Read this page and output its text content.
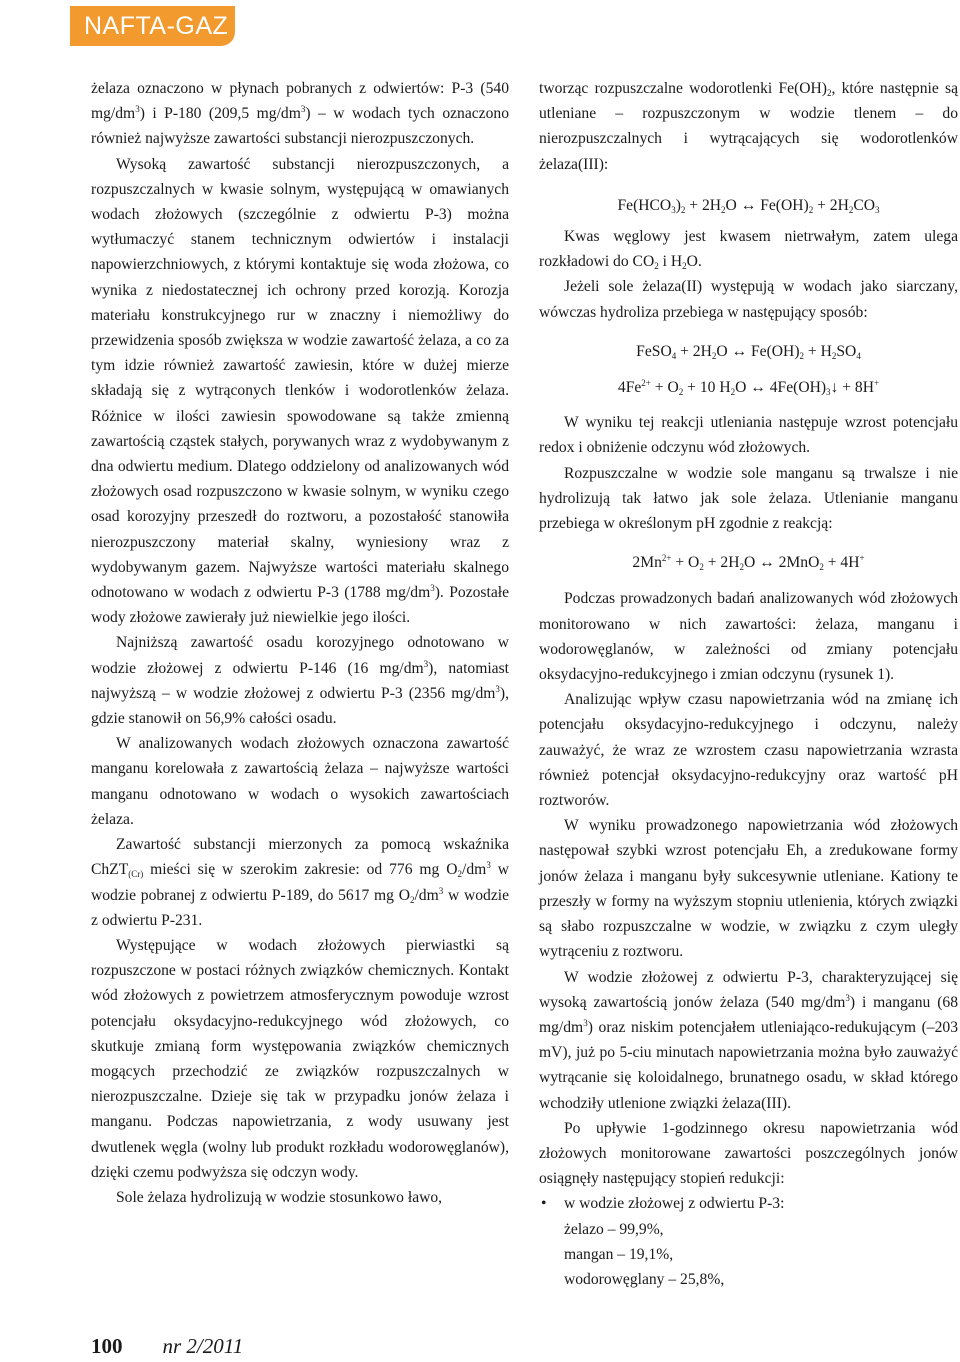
NAFTA-GAZ

żelaza oznaczono w płynach pobranych z odwiertów: P-3 (540 $mg/dm^3$) i P-180 (209,5 $mg/dm^3$) – w wodach tych oznaczono również najwyższe zawartości substancji nierozpuszczonych.

Wysoką zawartość substancji nierozpuszczonych, a rozpuszczalnych w kwasie solnym, występującą w omawianych wodach złożowych (szczególnie z odwiertu P-3) można wytłumaczyć stanem technicznym odwiertów i instalacji napowierzchniowych, z którymi kontaktuje się woda złożowa, co wynika z niedostatecznej ich ochrony przed korozją. Korozja materiału konstrukcyjnego rur w znaczny i niemożliwy do przewidzenia sposób zwiększa w wodzie zawartość żelaza, a co za tym idzie również zawartość zawiesin, które w dużej mierze składają się z wytrąconych tlenków i wodorotlenków żelaza. Różnice w ilości zawiesin spowodowane są także zmienną zawartością cząstek stałych, porywanych wraz z wydobywanym z dna odwiertu medium. Dlatego oddzielony od analizowanych wód złożowych osad rozpuszczono w kwasie solnym, w wyniku czego osad korozyjny przeszedł do roztworu, a pozostałość stanowiła nierozpuszczony materiał skalny, wyniesiony wraz z wydobywanym gazem. Najwyższe wartości materiału skalnego odnotowano w wodach z odwiertu P-3 (1788 $mg/dm^3$). Pozostałe wody złożowe zawierały już niewielkie jego ilości.

Najniższą zawartość osadu korozyjnego odnotowano w wodzie złożowej z odwiertu P-146 (16 $mg/dm^3$), natomiast najwyższą – w wodzie złożowej z odwiertu P-3 (2356 $mg/dm^3$), gdzie stanowił on 56,9% całości osadu.

W analizowanych wodach złożowych oznaczona zawartość manganu korelowała z zawartością żelaza – najwyższe wartości manganu odnotowano w wodach o wysokich zawartościach żelaza.

Zawartość substancji mierzonych za pomocą wskaźnika ChZT$_{(Cr)}$ mieści się w szerokim zakresie: od 776 mg $O_2/dm^3$ w wodzie pobranej z odwiertu P-189, do 5617 mg $O_2/dm^3$ w wodzie z odwiertu P-231.

Występujące w wodach złożowych pierwiastki są rozpuszczone w postaci różnych związków chemicznych. Kontakt wód złożowych z powietrzem atmosferycznym powoduje wzrost potencjału oksydacyjno-redukcyjnego wód złożowych, co skutkuje zmianą form występowania związków chemicznych mogących przechodzić ze związków rozpuszczalnych w nierozpuszczalne. Dzieje się tak w przypadku jonów żelaza i manganu. Podczas napowietrzania, z wody usuwany jest dwutlenek węgla (wolny lub produkt rozkładu wodorowęglanów), dzięki czemu podwyższa się odczyn wody.

Sole żelaza hydrolizują w wodzie stosunkowo ławo,

tworząc rozpuszczalne wodorotlenki $Fe(OH)_2$, które następnie są utleniane – rozpuszczonym w wodzie tlenem – do nierozpuszczalnych i wytrącających się wodorotlenków żelaza(III):

$Fe(HCO_3)_2 + 2H_2O$ ↔ $Fe(OH)_2 + 2H_2CO_3$

Kwas węglowy jest kwasem nietrwałym, zatem ulega rozkładowi do $CO_2$ i $H_2O$.

Jeżeli sole żelaza(II) występują w wodach jako siarczany, wówczas hydroliza przebiega w następujący sposób:

FeSO$_4$ + $2H_2O$ ↔ $Fe(OH)_2 + H_2SO_4$

$4Fe^{2+} + O_2 + 10$ $H_2O$ ↔ $4Fe(OH)_3↓ + 8H^+$

W wyniku tej reakcji utleniania następuje wzrost potencjału redox i obniżenie odczynu wód złożowych.

Rozpuszczalne w wodzie sole manganu są trwalsze i nie hydrolizują tak łatwo jak sole żelaza. Utlenianie manganu przebiega w określonym pH zgodnie z reakcją:

$2Mn^{2+} + O_2 + 2H_2O$ ↔ 2MnO$_2$ + 4H+

Podczas prowadzonych badań analizowanych wód złożowych monitorowano w nich zawartości: żelaza, manganu i wodorowęglanów, w zależności od zmiany potencjału oksydacyjno-redukcyjnego i zmian odczynu (rysunek 1).

Analizując wpływ czasu napowietrzania wód na zmianę ich potencjału oksydacyjno-redukcyjnego i odczynu, należy zauważyć, że wraz ze wzrostem czasu napowietrzania wzrasta również potencjał oksydacyjno-redukcyjny oraz wartość pH roztworów.

W wyniku prowadzonego napowietrzania wód złożowych następował szybki wzrost potencjału Eh, a zredukowane formy jonów żelaza i manganu były sukcesywnie utleniane. Kationy te przeszły w formy na wyższym stopniu utlenienia, których związki są słabo rozpuszczalne w wodzie, w związku z czym uległy wytrąceniu z roztworu.

W wodzie złożowej z odwiertu P-3, charakteryzującej się wysoką zawartością jonów żelaza (540 $mg/dm^3$) i manganu (68 $mg/dm^3$) oraz niskim potencjałem utleniająco-redukującym (–203 mV), już po 5-ciu minutach napowietrzania można było zauważyć wytrącanie się koloidalnego, brunatnego osadu, w skład którego wchodziły utlenione związki żelaza(III).

Po upływie 1-godzinnego okresu napowietrzania wód złożowych monitorowane zawartości poszczególnych jonów osiągnęły następujący stopień redukcji:

• w wodzie złożowej z odwiertu P-3:
żelazo – 99,9%,
mangan – 19,1%,
wodorowęglany – 25,8%,
100 nr 2/2011
